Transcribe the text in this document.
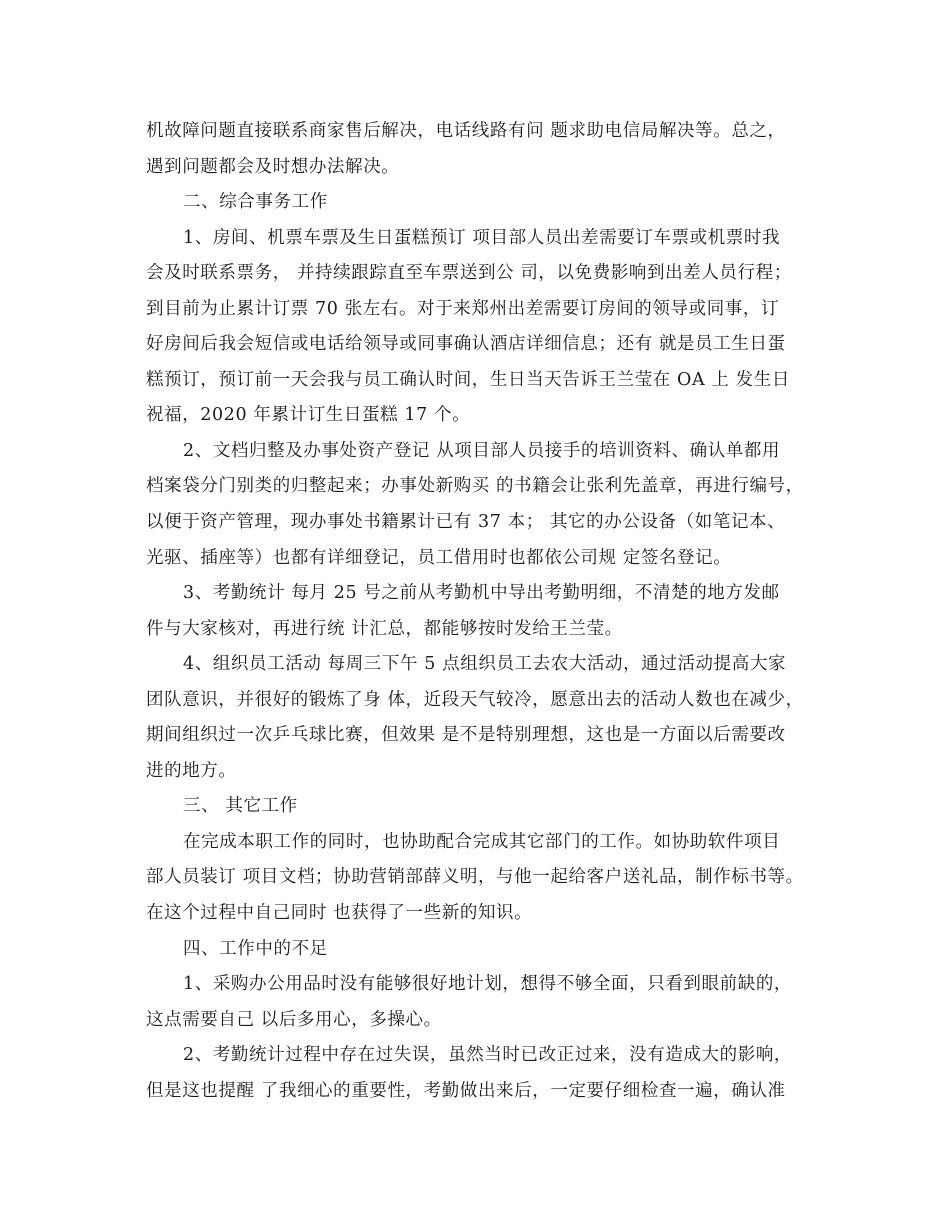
机故障问题直接联系商家售后解决，电话线路有问 题求助电信局解决等。总之，
遇到问题都会及时想办法解决。
二、综合事务工作
1、房间、机票车票及生日蛋糕预订 项目部人员出差需要订车票或机票时我
会及时联系票务， 并持续跟踪直至车票送到公 司，以免费影响到出差人员行程；
到目前为止累计订票 70 张左右。对于来郑州出差需要订房间的领导或同事，订
好房间后我会短信或电话给领导或同事确认酒店详细信息；还有 就是员工生日蛋
糕预订，预订前一天会我与员工确认时间，生日当天告诉王兰莹在 OA 上 发生日
祝福，2020 年累计订生日蛋糕 17 个。
2、文档归整及办事处资产登记 从项目部人员接手的培训资料、确认单都用
档案袋分门别类的归整起来；办事处新购买 的书籍会让张利先盖章，再进行编号，
以便于资产管理，现办事处书籍累计已有 37 本； 其它的办公设备（如笔记本、
光驱、插座等）也都有详细登记，员工借用时也都依公司规 定签名登记。
3、考勤统计 每月 25 号之前从考勤机中导出考勤明细，不清楚的地方发邮
件与大家核对，再进行统 计汇总，都能够按时发给王兰莹。
4、组织员工活动 每周三下午 5 点组织员工去农大活动，通过活动提高大家
团队意识，并很好的锻炼了身 体，近段天气较冷，愿意出去的活动人数也在减少，
期间组织过一次乒乓球比赛，但效果 是不是特别理想，这也是一方面以后需要改
进的地方。
三、 其它工作
在完成本职工作的同时，也协助配合完成其它部门的工作。如协助软件项目
部人员装订 项目文档；协助营销部薛义明，与他一起给客户送礼品，制作标书等。
在这个过程中自己同时 也获得了一些新的知识。
四、工作中的不足
1、采购办公用品时没有能够很好地计划，想得不够全面，只看到眼前缺的，
这点需要自己 以后多用心，多操心。
2、考勤统计过程中存在过失误，虽然当时已改正过来，没有造成大的影响，
但是这也提醒 了我细心的重要性，考勤做出来后，一定要仔细检查一遍，确认准
